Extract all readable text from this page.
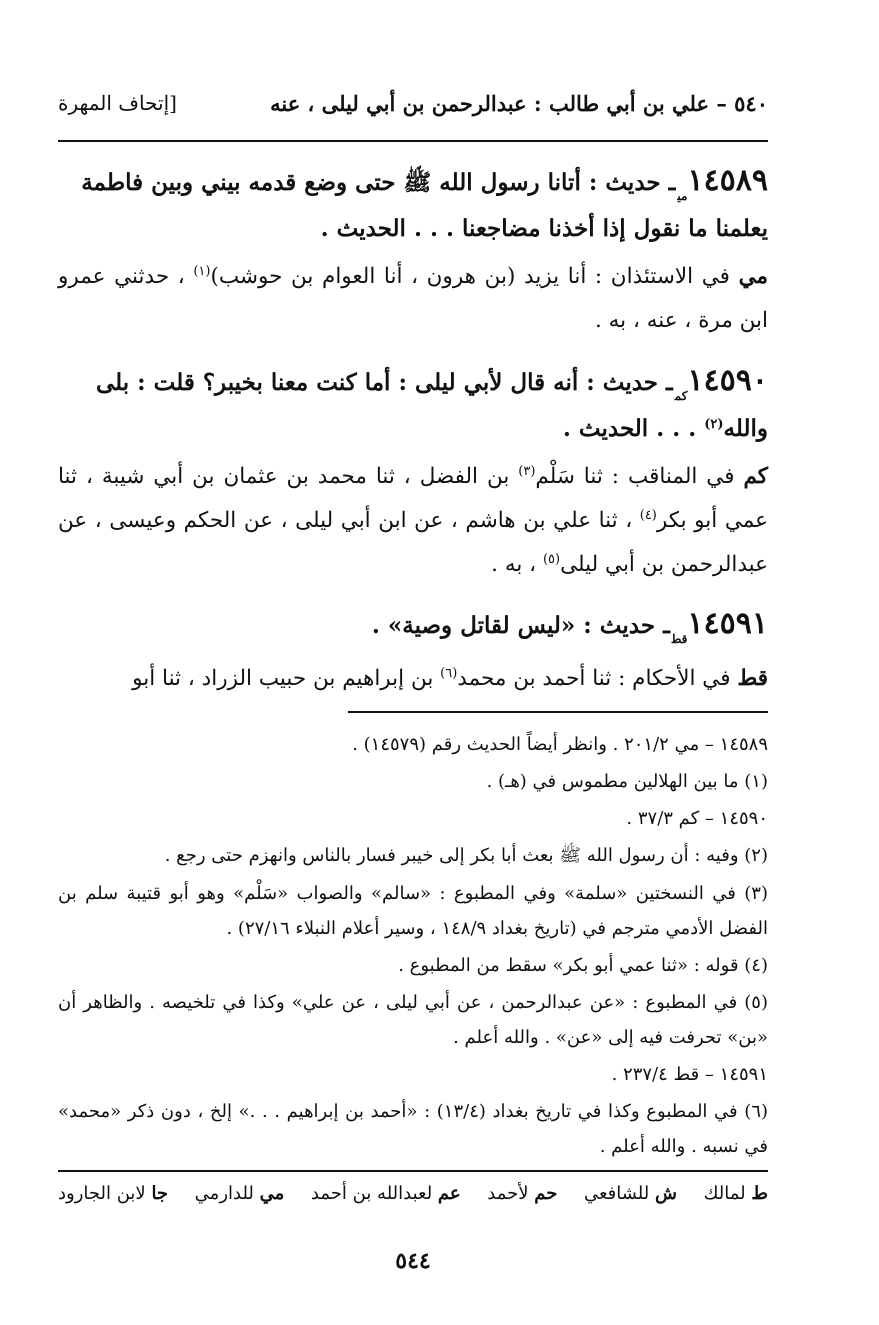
٥٤٠ – علي بن أبي طالب : عبدالرحمن بن أبي ليلى ، عنه
[إتحاف المهرة

$١٤٥٨٩_{مي}ـ$ حديث : أتانا رسول الله ﷺ حتى وضع قدمه بيني وبين فاطمة يعلمنا ما نقول إذا أخذنا مضاجعنا . . . الحديث .

مي في الاستئذان : أنا يزيد (بن هرون ، أنا العوام بن حوشب)$^{(١)}$ ، حدثني عمرو ابن مرة ، عنه ، به .

$١٤٥٩٠_{كم}ـ$ حديث : أنه قال لأبي ليلى : أما كنت معنا بخيبر؟ قلت : بلى والله$^{(٢)}$ . . . الحديث .

كم في المناقب : ثنا سَلْم$^{(٣)}$ بن الفضل ، ثنا محمد بن عثمان بن أبي شيبة ، ثنا عمي أبو بكر$^{(٤)}$ ، ثنا علي بن هاشم ، عن ابن أبي ليلى ، عن الحكم وعيسى ، عن عبدالرحمن بن أبي ليلى$^{(٥)}$ ، به .

$١٤٥٩١_{قط}ـ$ حديث : «ليس لقاتل وصية» .

قط في الأحكام : ثنا أحمد بن محمد$^{(٦)}$ بن إبراهيم بن حبيب الزراد ، ثنا أبو

١٤٥٨٩ – مي ٢٠١/٢ . وانظر أيضاً الحديث رقم (١٤٥٧٩) .

(١) ما بين الهلالين مطموس في (هـ) .

١٤٥٩٠ – كم ٣٧/٣ .

(٢) وفيه : أن رسول الله ﷺ بعث أبا بكر إلى خيبر فسار بالناس وانهزم حتى رجع .

(٣) في النسختين «سلمة» وفي المطبوع : «سالم» والصواب «سَلْم» وهو أبو قتيبة سلم بن الفضل الأدمي مترجم في (تاريخ بغداد ١٤٨/٩ ، وسير أعلام النبلاء ٢٧/١٦) .

(٤) قوله : «ثنا عمي أبو بكر» سقط من المطبوع .

(٥) في المطبوع : «عن عبدالرحمن ، عن أبي ليلى ، عن علي» وكذا في تلخيصه . والظاهر أن «بن» تحرفت فيه إلى «عن» . والله أعلم .

١٤٥٩١ – قط ٢٣٧/٤ .

(٦) في المطبوع وكذا في تاريخ بغداد (١٣/٤) : «أحمد بن إبراهيم . . .» إلخ ، دون ذكر «محمد» في نسبه . والله أعلم .

ط لمالك
ش للشافعي
حم لأحمد
عم لعبدالله بن أحمد
مي للدارمي
جا لابن الجارود
٥٤٤
